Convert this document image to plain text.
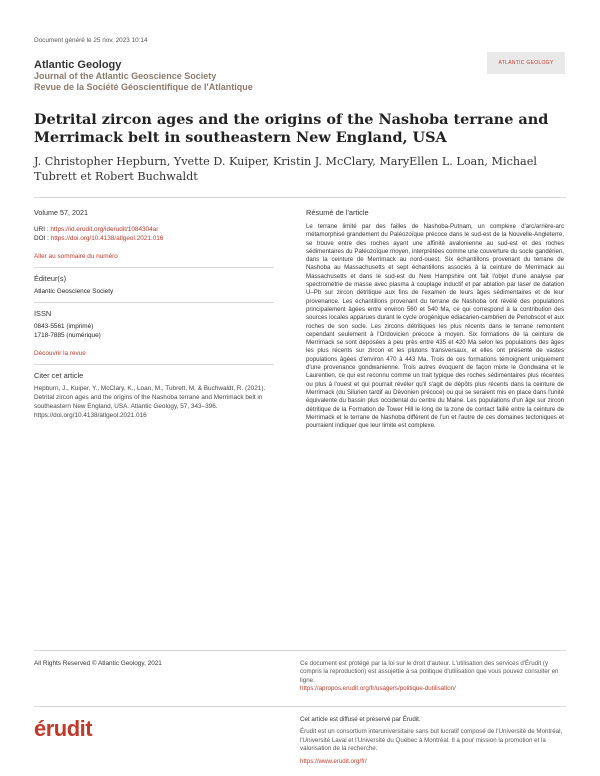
Document généré le 25 nov. 2023 10:14
Atlantic Geology
Journal of the Atlantic Geoscience Society
Revue de la Société Géoscientifique de l'Atlantique
ATLANTIC GEOLOGY
Detrital zircon ages and the origins of the Nashoba terrane and Merrimack belt in southeastern New England, USA
J. Christopher Hepburn, Yvette D. Kuiper, Kristin J. McClary, MaryEllen L. Loan, Michael Tubrett et Robert Buchwaldt
Volume 57, 2021
URI : https://id.erudit.org/iderudit/1084304ar
DOI : https://doi.org/10.4138/atlgeol.2021.016
Aller au sommaire du numéro
Éditeur(s)
Atlantic Geoscience Society
ISSN
0843-5561 (imprimé)
1718-7885 (numérique)
Découvrir la revue
Citer cet article
Hepburn, J., Kuiper, Y., McClary, K., Loan, M., Tubrett, M. & Buchwaldt, R. (2021). Detrital zircon ages and the origins of the Nashoba terrane and Merrimack belt in southeastern New England, USA. Atlantic Geology, 57, 343–396. https://doi.org/10.4138/atlgeol.2021.016
Résumé de l'article
Le terrane limité par des failles de Nashoba-Putnam, un complexe d'arc/arrière-arc métamorphisé grandement du Paléozoïque précoce dans le sud-est de la Nouvelle-Angleterre, se trouve entre des roches ayant une affinité avalonienne au sud-est et des roches sédimentaires du Paléozoïque moyen, interprétées comme une couverture du socle gandérien, dans la ceinture de Merrimack au nord-ouest. Six échantillons provenant du terrane de Nashoba au Massachusetts et sept échantillons associés à la ceinture de Merrimack au Massachusetts et dans le sud-est du New Hampshire ont fait l'objet d'une analyse par spectrométrie de masse avec plasma à couplage inductif et par ablation par laser de datation U–Pb sur zircon détritique aux fins de l'examen de leurs âges sédimentaires et de leur provenance. Les échantillons provenant du terrane de Nashoba ont révélé des populations principalement âgées entre environ 560 et 540 Ma, ce qui correspond à la contribution des sources locales apparues durant le cycle orogénique édiacarien-cambrien de Penobscot et aux roches de son socle. Les zircons détritiques les plus récents dans le terrane remontent cependant seulement à l'Ordovicien précoce à moyen. Six formations de la ceinture de Merrimack se sont déposées à peu près entre 435 et 420 Ma selon les populations des âges les plus récents sur zircon et les plutons transversaux, et elles ont présenté de vastes populations âgées d'environ 470 à 443 Ma. Trois de ces formations témoignent uniquement d'une provenance gondwanienne. Trois autres évoquent de façon mixte le Gondwana et le Laurentien, ce qui est reconnu comme un trait typique des roches sédimentaires plus récentes ou plus à l'ouest et qui pourrait révéler qu'il s'agit de dépôts plus récents dans la ceinture de Merrimack (du Silurien tardif au Dévonien précoce) ou qui se seraient mis en place dans l'unité équivalente du bassin plus occidental du centre du Maine. Les populations d'un âge sur zircon détritique de la Formation de Tower Hill le long de la zone de contact faillé entre la ceinture de Merrimack et le terrane de Nashoba diffèrent de l'un et l'autre de ces domaines tectoniques et pourraient indiquer que leur limite est complexe.
All Rights Reserved © Atlantic Geology, 2021	Ce document est protégé par la loi sur le droit d'auteur. L'utilisation des services d'Érudit (y compris la reproduction) est assujettie à sa politique d'utilisation que vous pouvez consulter en ligne.
https://apropos.erudit.org/fr/usagers/politique-dutilisation/
érudit	Cet article est diffusé et préservé par Érudit.
Érudit est un consortium interuniversitaire sans but lucratif composé de l'Université de Montréal, l'Université Laval et l'Université du Québec à Montréal. Il a pour mission la promotion et la valorisation de la recherche.
https://www.erudit.org/fr/
